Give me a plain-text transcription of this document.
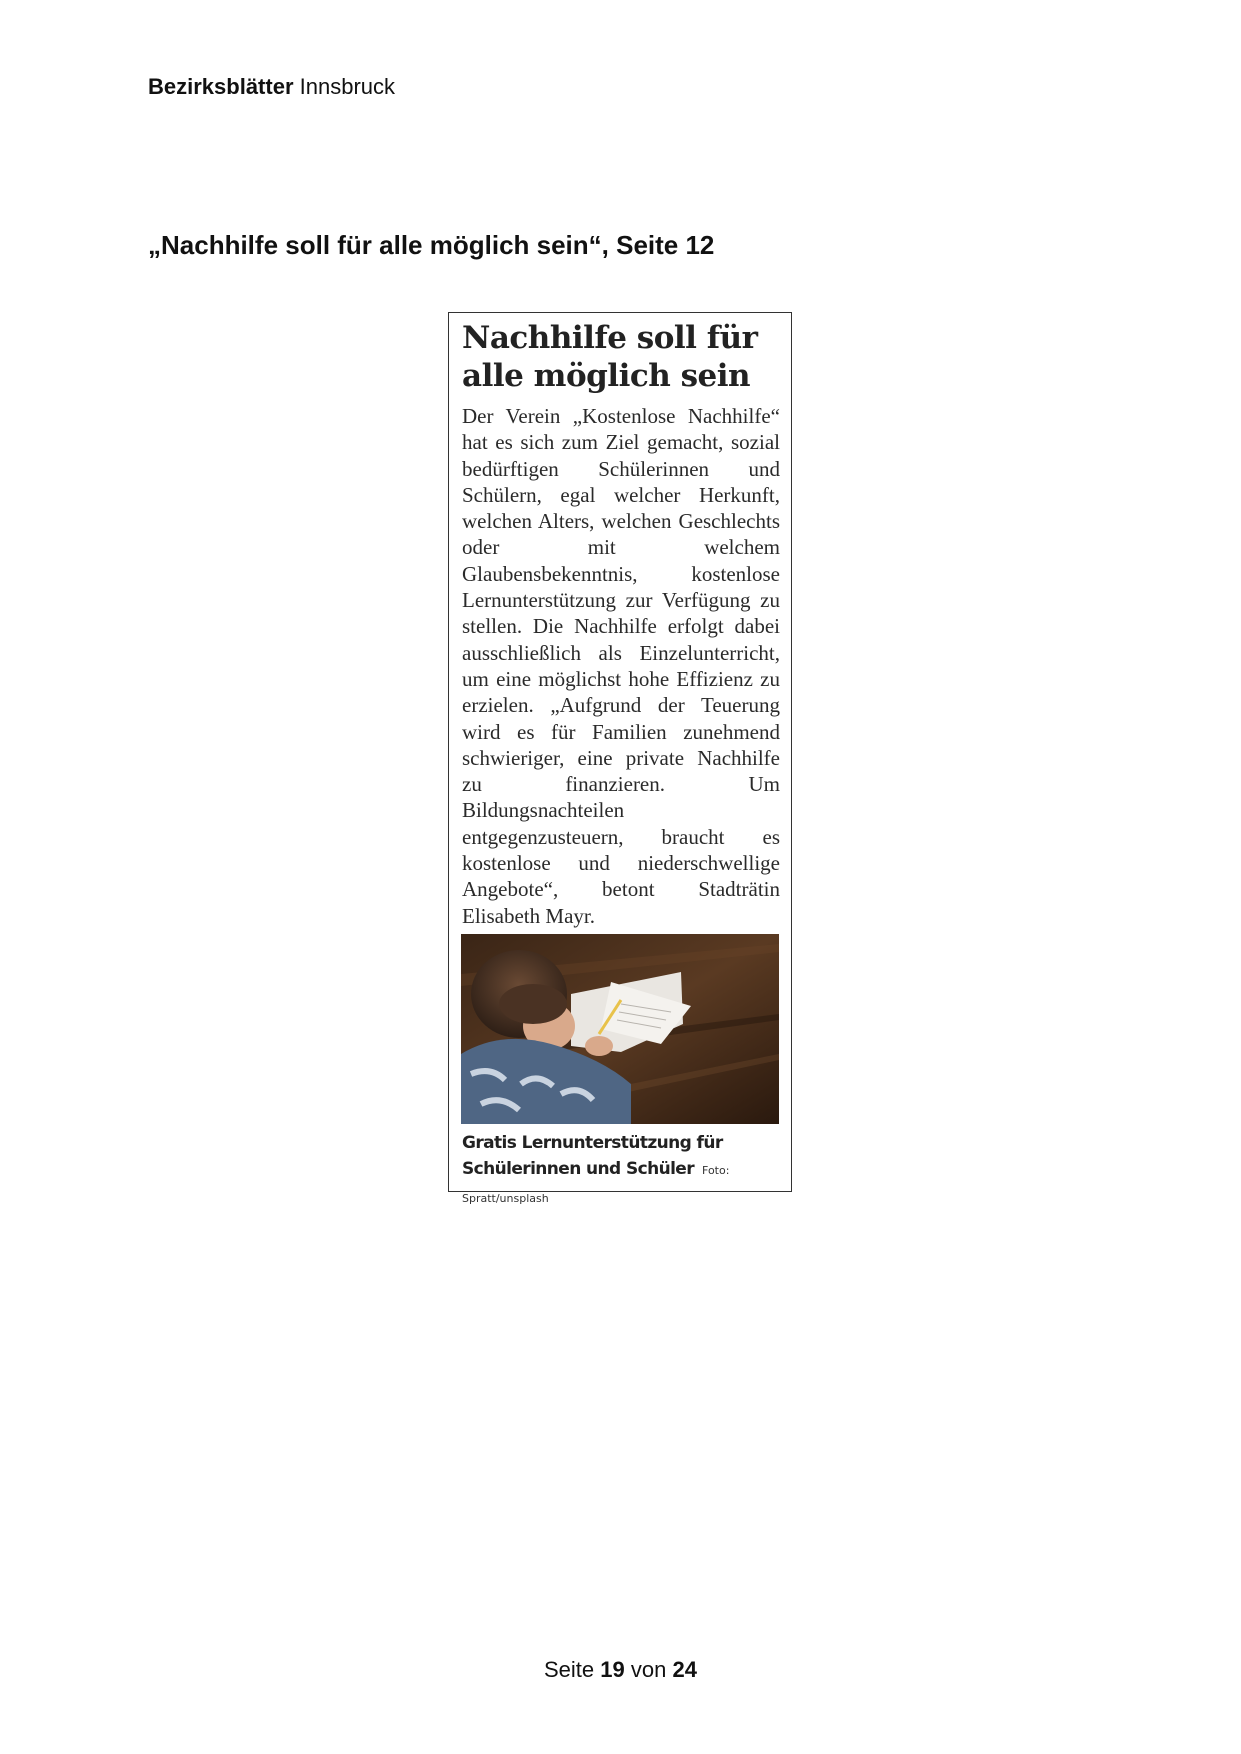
Bezirksblätter Innsbruck
„Nachhilfe soll für alle möglich sein“, Seite 12
Nachhilfe soll für
alle möglich sein

Der Verein „Kostenlose Nachhilfe“ hat es sich zum Ziel gemacht, sozial bedürftigen Schülerinnen und Schülern, egal welcher Herkunft, welchen Alters, welchen Geschlechts oder mit welchem Glaubensbekenntnis, kostenlose Lernunterstützung zur Verfügung zu stellen. Die Nachhilfe erfolgt dabei ausschließlich als Einzelunterricht, um eine möglichst hohe Effizienz zu erzielen. „Aufgrund der Teuerung wird es für Familien zunehmend schwieriger, eine private Nachhilfe zu finanzieren. Um Bildungsnachteilen entgegenzusteuern, braucht es kostenlose und niederschwellige Angebote“, betont Stadträtin Elisabeth Mayr.

Gratis Lernunterstützung für Schülerinnen und Schüler Foto: Spratt/unsplash
Seite 19 von 24
